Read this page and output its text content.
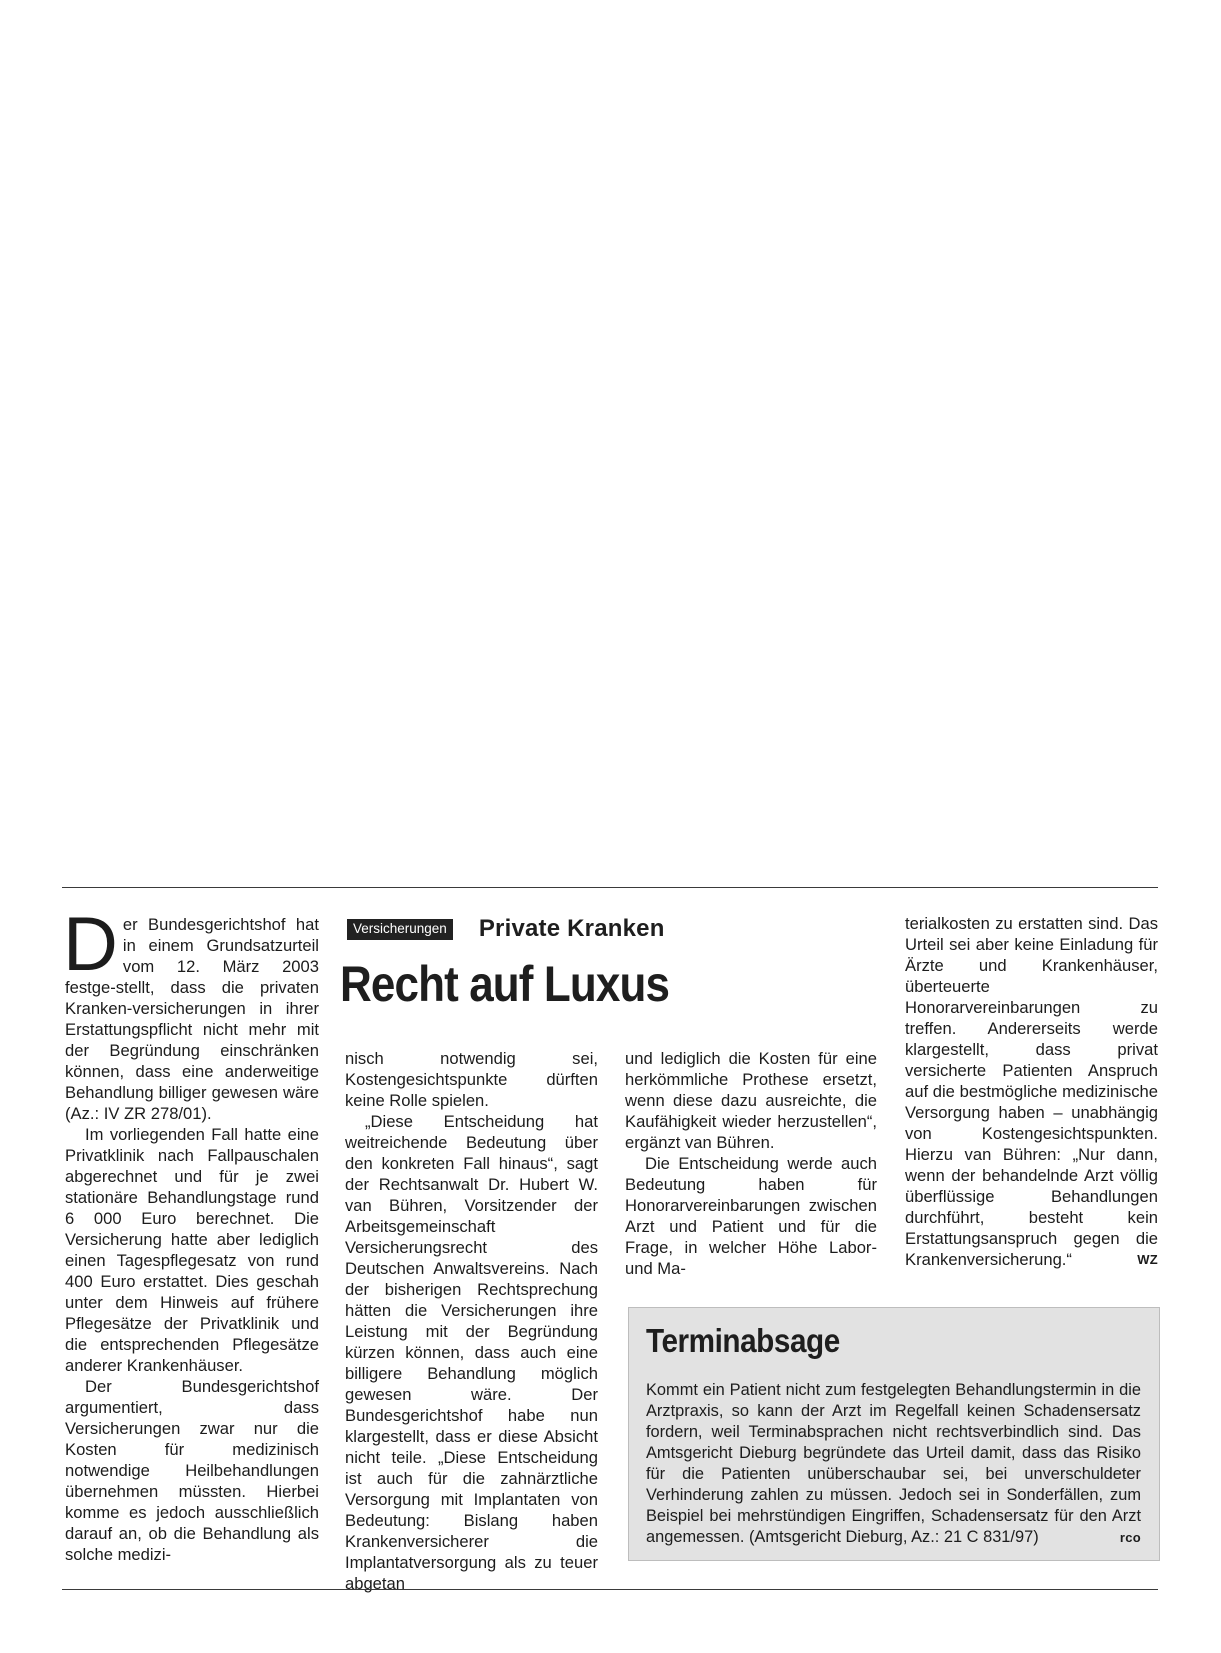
Der Bundesgerichtshof hat in einem Grundsatzurteil vom 12. März 2003 festge-stellt, dass die privaten Kranken-versicherungen in ihrer Erstattungspflicht nicht mehr mit der Begründung einschränken können, dass eine anderweitige Behandlung billiger gewesen wäre (Az.: IV ZR 278/01).

Im vorliegenden Fall hatte eine Privatklinik nach Fallpauschalen abgerechnet und für je zwei stationäre Behandlungstage rund 6 000 Euro berechnet. Die Versicherung hatte aber lediglich einen Tagespflegesatz von rund 400 Euro erstattet. Dies geschah unter dem Hinweis auf frühere Pflegesätze der Privatklinik und die entsprechenden Pflegesätze anderer Krankenhäuser.

Der Bundesgerichtshof argumentiert, dass Versicherungen zwar nur die Kosten für medizinisch notwendige Heilbehandlungen übernehmen müssten. Hierbei komme es jedoch ausschließlich darauf an, ob die Behandlung als solche medizi-

Versicherungen Private Kranken
Recht auf Luxus

nisch notwendig sei, Kostengesichtspunkte dürften keine Rolle spielen.

„Diese Entscheidung hat weitreichende Bedeutung über den konkreten Fall hinaus“, sagt der Rechtsanwalt Dr. Hubert W. van Bühren, Vorsitzender der Arbeitsgemeinschaft Versicherungsrecht des Deutschen Anwaltsvereins. Nach der bisherigen Rechtsprechung hätten die Versicherungen ihre Leistung mit der Begründung kürzen können, dass auch eine billigere Behandlung möglich gewesen wäre. Der Bundesgerichtshof habe nun klargestellt, dass er diese Absicht nicht teile. „Diese Entscheidung ist auch für die zahnärztliche Versorgung mit Implantaten von Bedeutung: Bislang haben Krankenversicherer die Implantatversorgung als zu teuer abgetan

und lediglich die Kosten für eine herkömmliche Prothese ersetzt, wenn diese dazu ausreichte, die Kaufähigkeit wieder herzustellen“, ergänzt van Bühren.

Die Entscheidung werde auch Bedeutung haben für Honorarvereinbarungen zwischen Arzt und Patient und für die Frage, in welcher Höhe Labor- und Ma-

terialkosten zu erstatten sind. Das Urteil sei aber keine Einladung für Ärzte und Krankenhäuser, überteuerte Honorarvereinbarungen zu treffen. Andererseits werde klargestellt, dass privat versicherte Patienten Anspruch auf die bestmögliche medizinische Versorgung haben – unabhängig von Kostengesichtspunkten. Hierzu van Bühren: „Nur dann, wenn der behandelnde Arzt völlig überflüssige Behandlungen durchführt, besteht kein Erstattungsanspruch gegen die Krankenversicherung.“	WZ

Terminabsage
Kommt ein Patient nicht zum festgelegten Behandlungstermin in die Arztpraxis, so kann der Arzt im Regelfall keinen Schadensersatz fordern, weil Terminabsprachen nicht rechtsverbindlich sind. Das Amtsgericht Dieburg begründete das Urteil damit, dass das Risiko für die Patienten unüberschaubar sei, bei unverschuldeter Verhinderung zahlen zu müssen. Jedoch sei in Sonderfällen, zum Beispiel bei mehrstündigen Eingriffen, Schadensersatz für den Arzt angemessen. (Amtsgericht Dieburg, Az.: 21 C 831/97)	rco
